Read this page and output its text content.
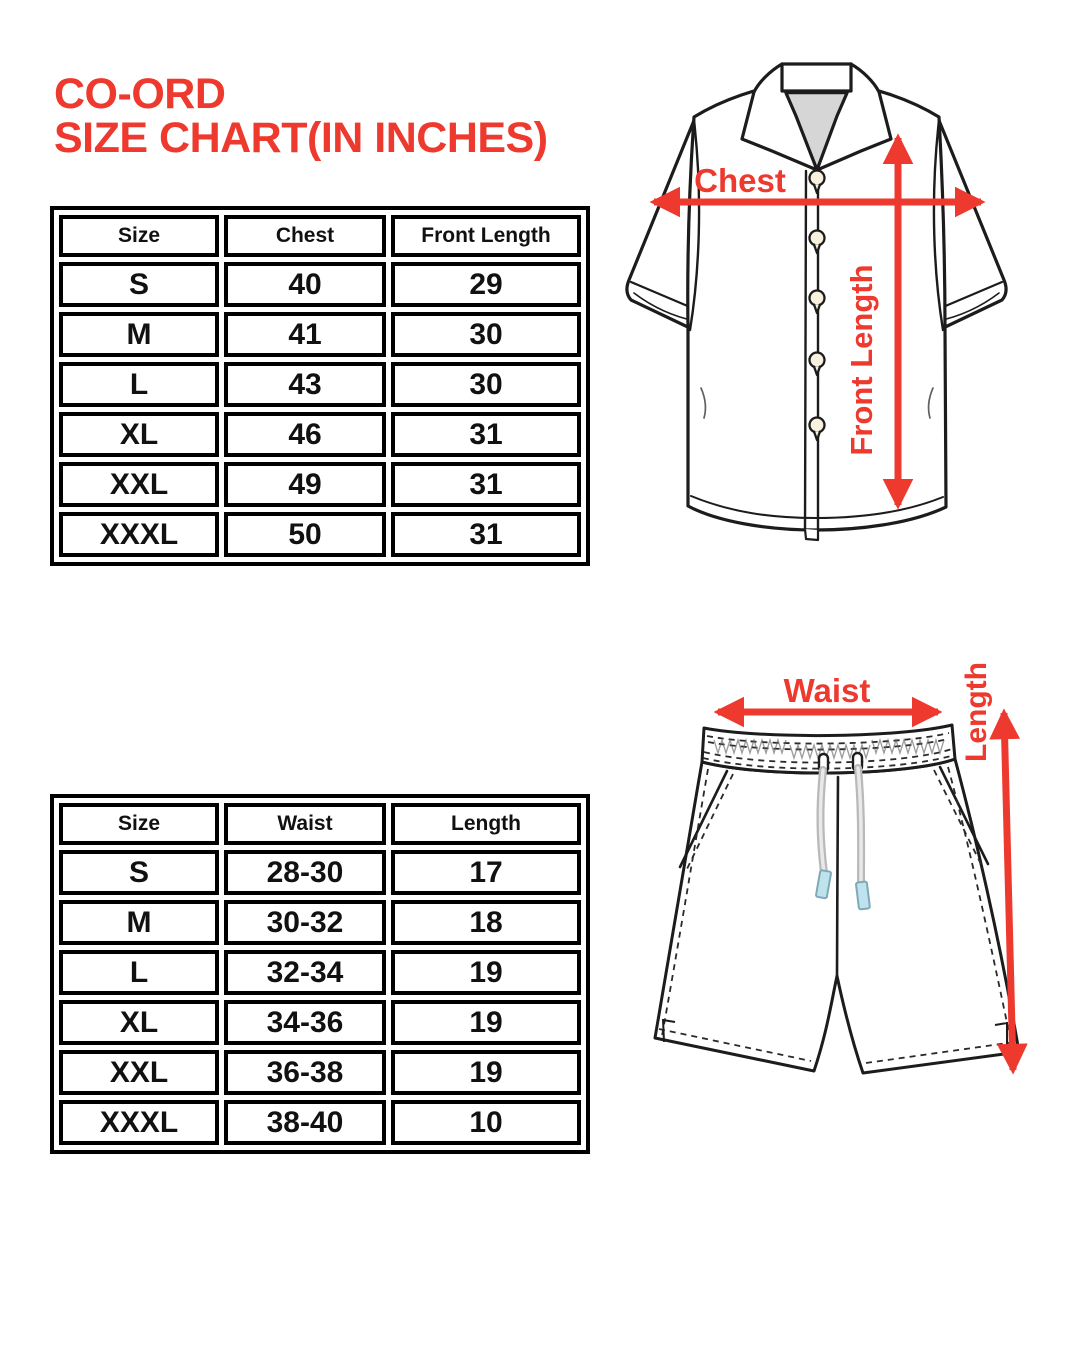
CO-ORD
SIZE CHART(IN INCHES)
Size	Chest	Front Length
S	40	29
M	41	30
L	43	30
XL	46	31
XXL	49	31
XXXL	50	31
Size	Waist	Length
S	28-30	17
M	30-32	18
L	32-34	19
XL	34-36	19
XXL	36-38	19
XXXL	38-40	10
Chest
Front Length
Waist	Length
